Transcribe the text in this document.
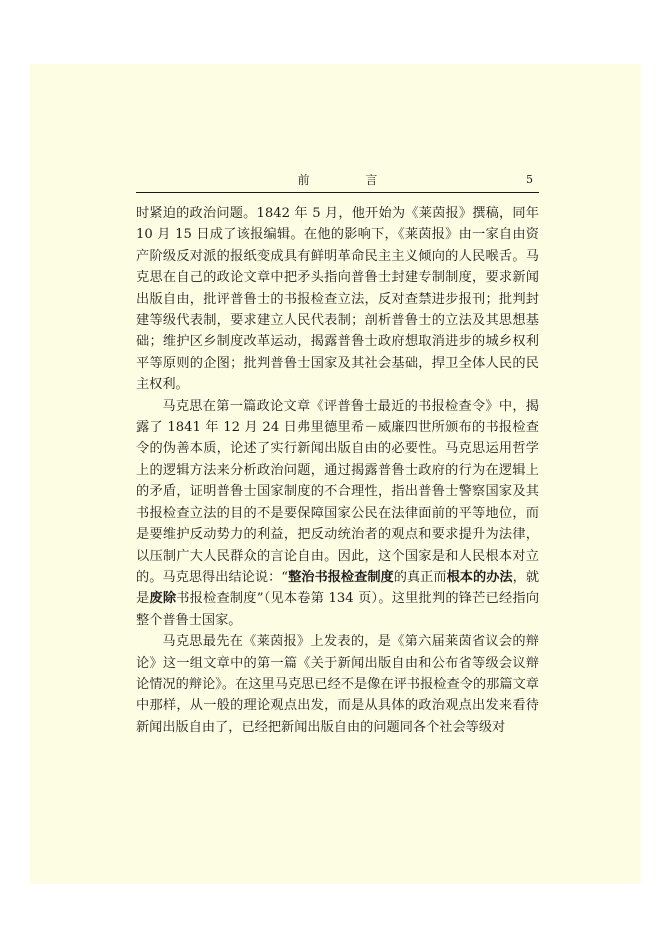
前 言	5

时紧迫的政治问题。1842 年 5 月，他开始为《莱茵报》撰稿，同年 10 月 15 日成了该报编辑。在他的影响下，《莱茵报》由一家自由资产阶级反对派的报纸变成具有鲜明革命民主主义倾向的人民喉舌。马克思在自己的政论文章中把矛头指向普鲁士封建专制制度，要求新闻出版自由，批评普鲁士的书报检查立法，反对查禁进步报刊；批判封建等级代表制，要求建立人民代表制；剖析普鲁士的立法及其思想基础；维护区乡制度改革运动，揭露普鲁士政府想取消进步的城乡权利平等原则的企图；批判普鲁士国家及其社会基础，捍卫全体人民的民主权利。

马克思在第一篇政论文章《评普鲁士最近的书报检查令》中，揭露了 1841 年 12 月 24 日弗里德里希－威廉四世所颁布的书报检查令的伪善本质，论述了实行新闻出版自由的必要性。马克思运用哲学上的逻辑方法来分析政治问题，通过揭露普鲁士政府的行为在逻辑上的矛盾，证明普鲁士国家制度的不合理性，指出普鲁士警察国家及其书报检查立法的目的不是要保障国家公民在法律面前的平等地位，而是要维护反动势力的利益，把反动统治者的观点和要求提升为法律，以压制广大人民群众的言论自由。因此，这个国家是和人民根本对立的。马克思得出结论说：“整治书报检查制度的真正而根本的办法，就是废除书报检查制度”（见本卷第 134 页）。这里批判的锋芒已经指向整个普鲁士国家。

马克思最先在《莱茵报》上发表的，是《第六届莱茵省议会的辩论》这一组文章中的第一篇《关于新闻出版自由和公布省等级会议辩论情况的辩论》。在这里马克思已经不是像在评书报检查令的那篇文章中那样，从一般的理论观点出发，而是从具体的政治观点出发来看待新闻出版自由了，已经把新闻出版自由的问题同各个社会等级对
